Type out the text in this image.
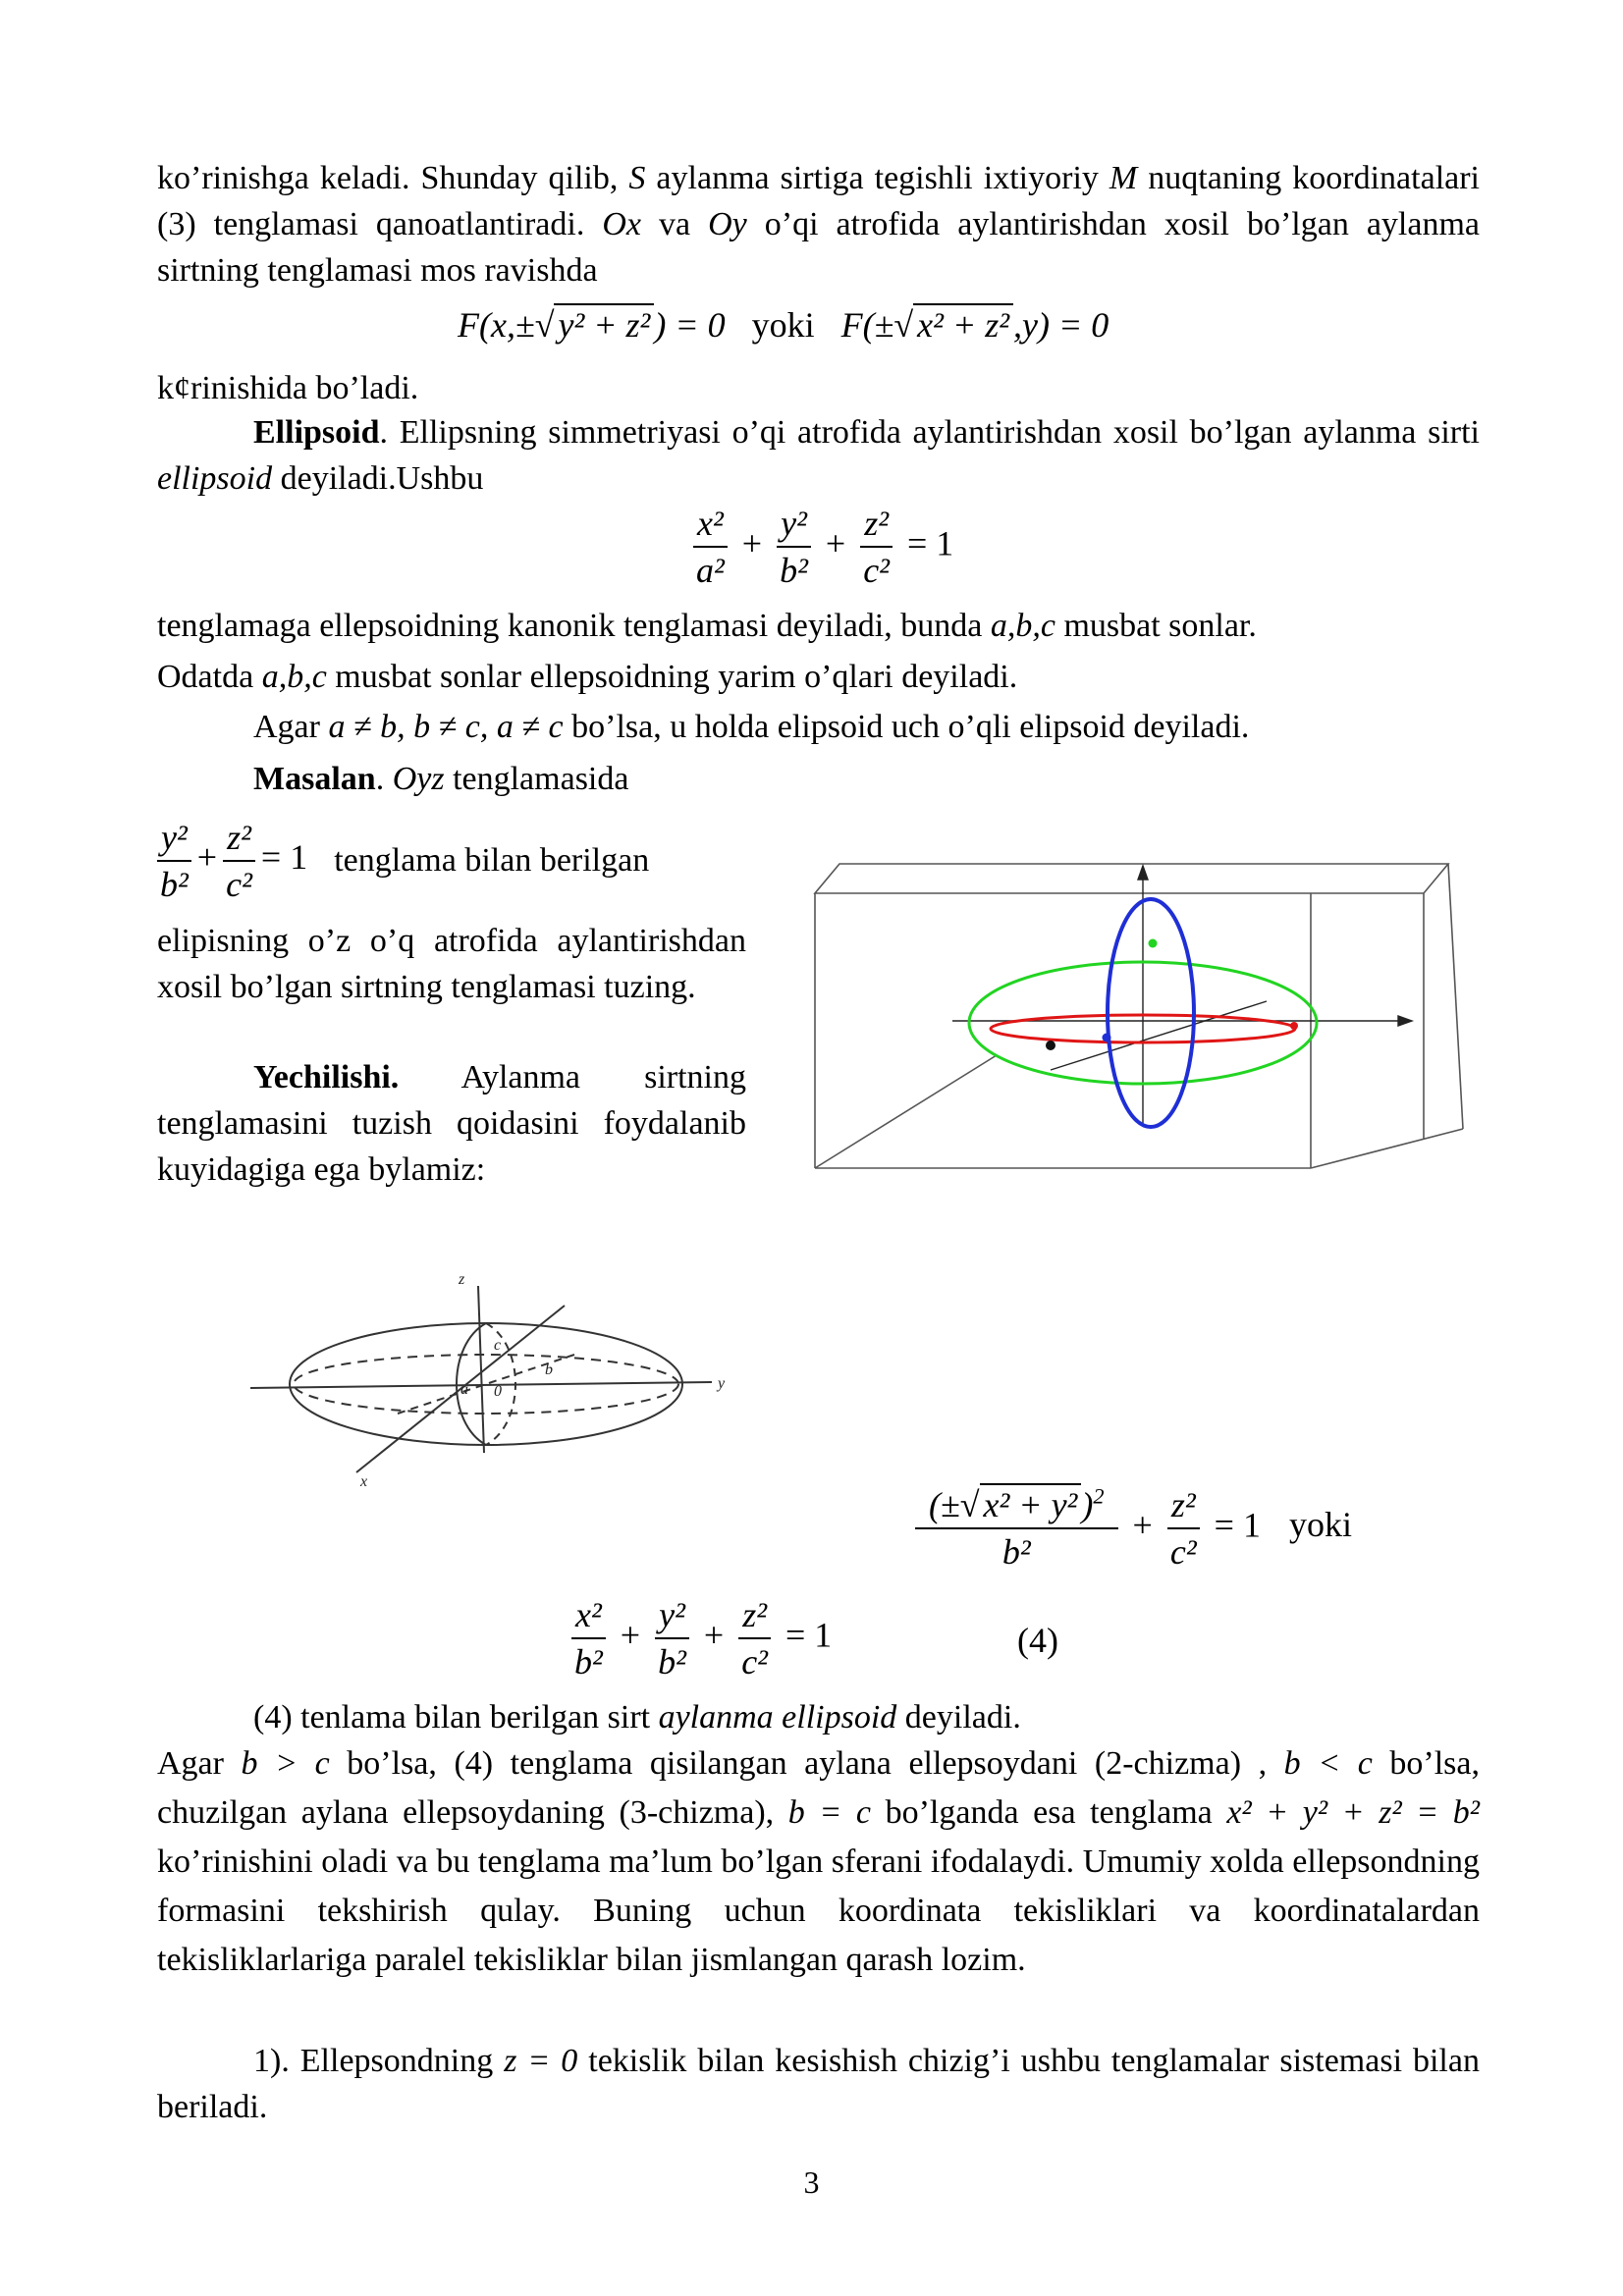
ko’rinishga keladi. Shunday qilib, S aylanma sirtiga tegishli ixtiyoriy M nuqtaning koordinatalari (3) tenglamasi qanoatlantiradi. Ox va Oy o’qi atrofida aylantirishdan xosil bo’lgan aylanma sirtning tenglamasi mos ravishda
F(x,±√ y² + z² ) = 0 yoki F(±√ x² + z² ,y) = 0
k¢rinishida bo’ladi.
Ellipsoid. Ellipsning simmetriyasi o’qi atrofida aylantirishdan xosil bo’lgan aylanma sirti ellipsoid deyiladi.Ushbu
$\frac{\text{x²}}{\text{a²}} + \frac{\text{y²}}{\text{b²}} + \frac{\text{z²}}{\text{c²}} = 1$
tenglamaga ellepsoidning kanonik tenglamasi deyiladi, bunda a,b,c musbat sonlar.
Odatda a,b,c musbat sonlar ellepsoidning yarim o’qlari deyiladi.
Agar a ≠ b, b ≠ c, a ≠ c bo’lsa, u holda elipsoid uch o’qli elipsoid deyiladi.
Masalan. Oyz tenglamasida
$\frac{\text{y²}}{\text{b²}} + \frac{\text{z²}}{\text{c²}} = 1$ tenglama bilan berilgan
elipisning o’z o’q atrofida aylantirishdan xosil bo’lgan sirtning tenglamasi tuzing.
Yechilishi. Aylanma sirtning tenglamasini tuzish qoidasini foydalanib kuyidagiga ega bylamiz:
z
c
b
a 0	y
x
$\frac{(\pm√ x^2 + y^2 )^2}{\text{b²}} + \frac{\text{z²}}{\text{c²}} = 1$ yoki
$\frac{\text{x²}}{\text{b²}} + \frac{\text{y²}}{\text{b²}} + \frac{\text{z²}}{\text{c²}} = 1$	(4)
(4) tenlama bilan berilgan sirt aylanma ellipsoid deyiladi.
Agar b > c bo’lsa, (4) tenglama qisilangan aylana ellepsoydani (2-chizma) , b < c bo’lsa, chuzilgan aylana ellepsoydaning (3-chizma), b = c bo’lganda esa tenglama x² + y² + z² = b² ko’rinishini oladi va bu tenglama ma’lum bo’lgan sferani ifodalaydi. Umumiy xolda ellepsondning formasini tekshirish qulay. Buning uchun koordinata tekisliklari va koordinatalardan tekisliklarlariga paralel tekisliklar bilan jismlangan qarash lozim.
1). Ellepsondning z = 0 tekislik bilan kesishish chizig’i ushbu tenglamalar sistemasi bilan beriladi.
3
